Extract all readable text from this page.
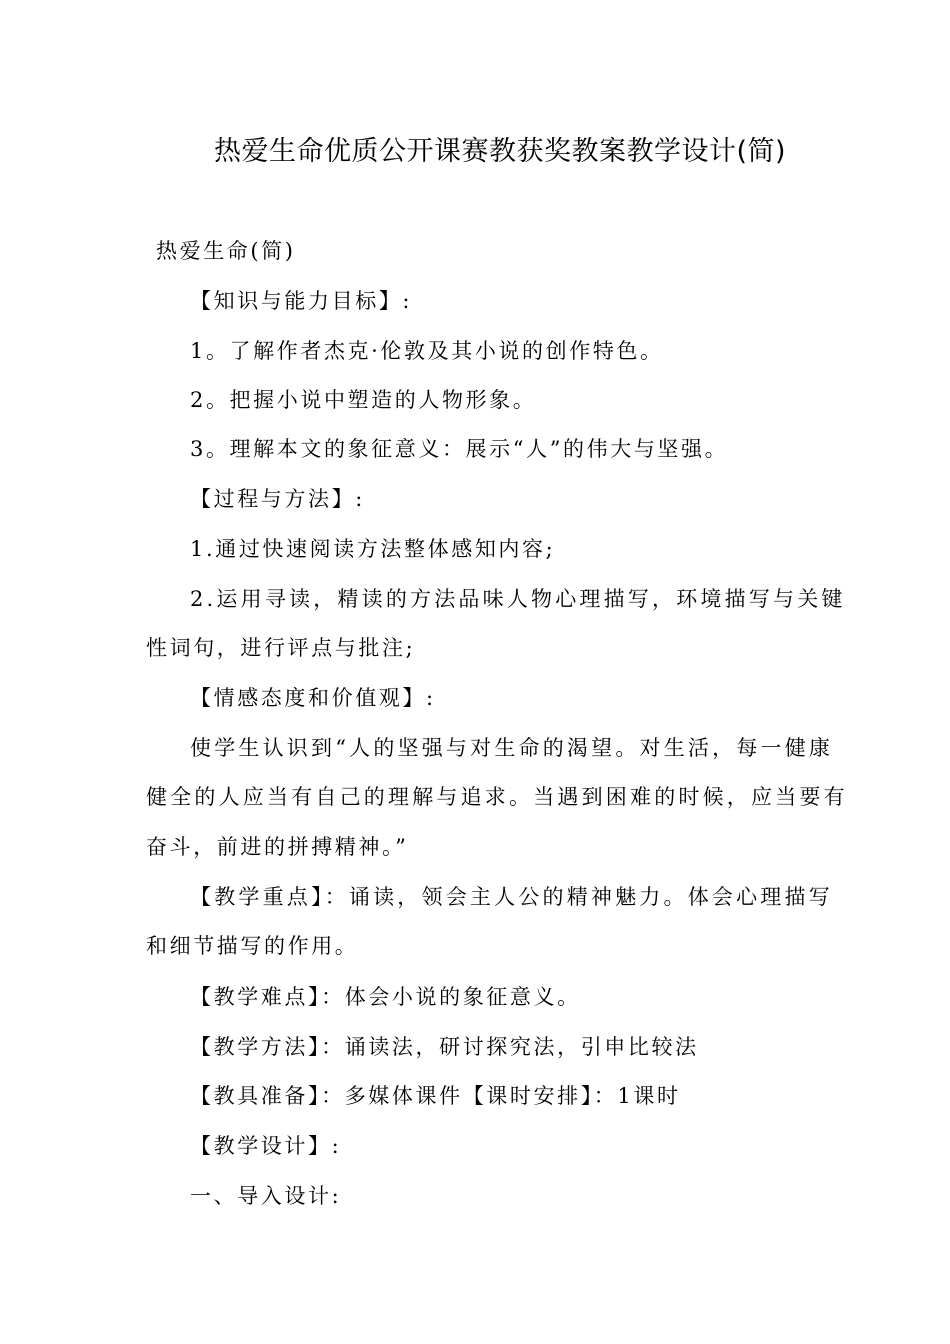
热爱生命优质公开课赛教获奖教案教学设计(简)
热爱生命(简)
【知识与能力目标】:
1。了解作者杰克·伦敦及其小说的创作特色。
2。把握小说中塑造的人物形象。
3。理解本文的象征意义：展示“人”的伟大与坚强。
【过程与方法】:
1.通过快速阅读方法整体感知内容;
2.运用寻读，精读的方法品味人物心理描写，环境描写与关键
性词句，进行评点与批注;
【情感态度和价值观】:
使学生认识到“人的坚强与对生命的渴望。对生活，每一健康
健全的人应当有自己的理解与追求。当遇到困难的时候，应当要有
奋斗，前进的拼搏精神。”
【教学重点】：诵读，领会主人公的精神魅力。体会心理描写
和细节描写的作用。
【教学难点】：体会小说的象征意义。
【教学方法】：诵读法，研讨探究法，引申比较法
【教具准备】：多媒体课件【课时安排】：1课时
【教学设计】:
一、导入设计:
